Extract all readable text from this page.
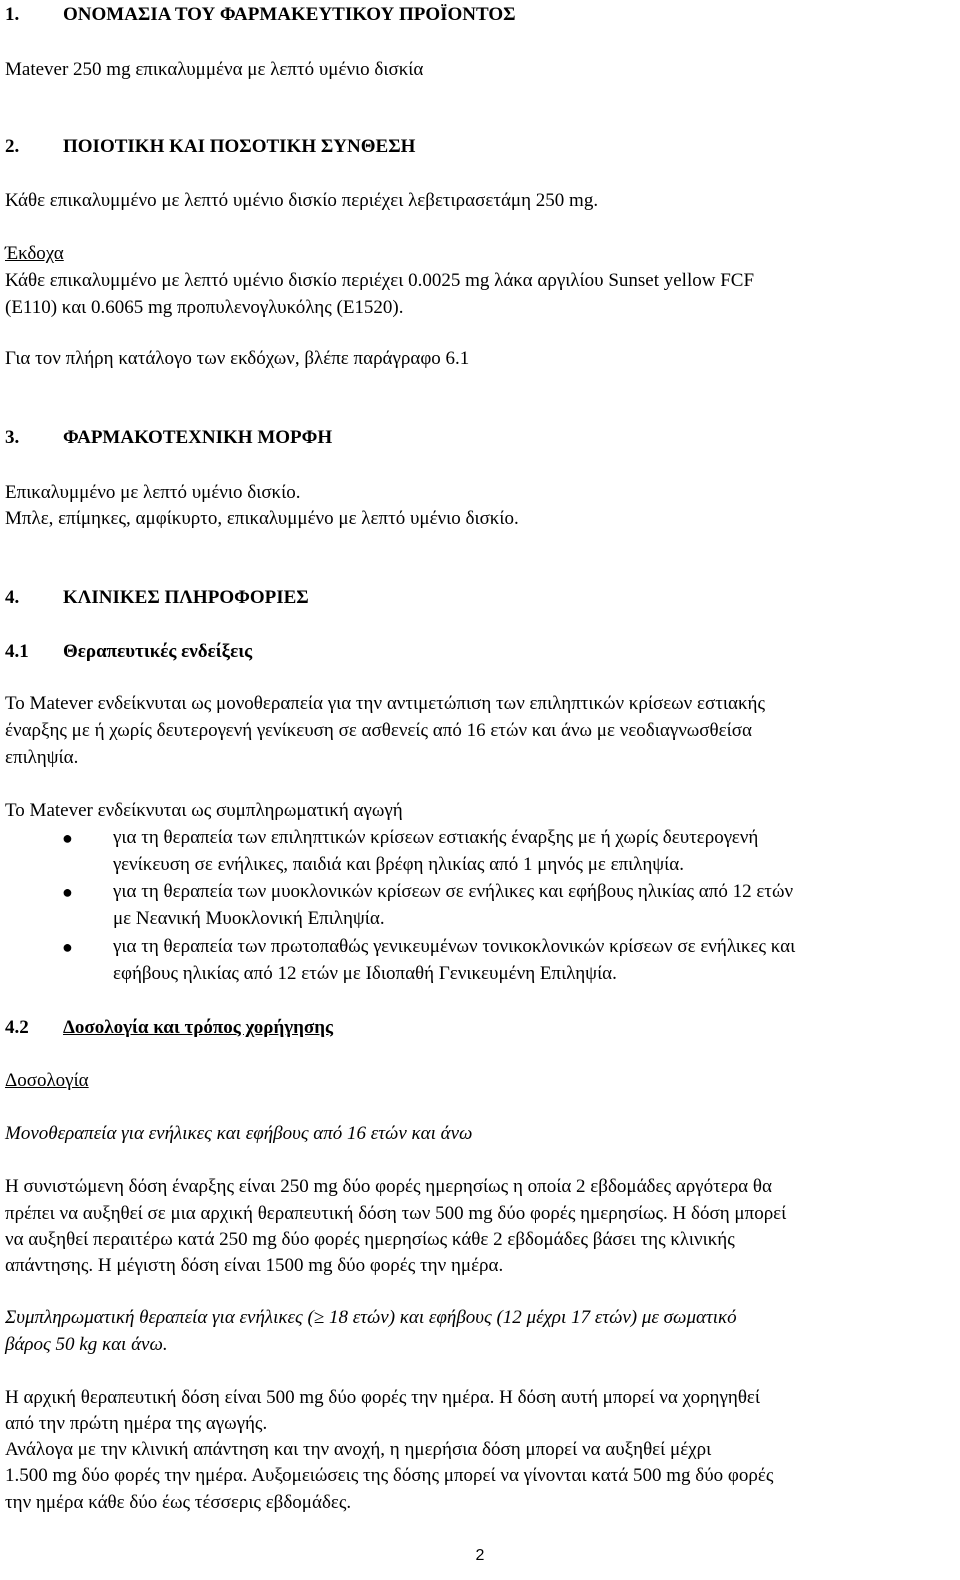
1. ΟΝΟΜΑΣΙΑ ΤΟΥ ΦΑΡΜΑΚΕΥΤΙΚΟΥ ΠΡΟΪΟΝΤΟΣ
Matever 250 mg επικαλυμμένα με λεπτό υμένιο δισκία
2. ΠΟΙΟΤΙΚΗ ΚΑΙ ΠΟΣΟΤΙΚΗ ΣΥΝΘΕΣΗ
Κάθε επικαλυμμένο με λεπτό υμένιο δισκίο περιέχει λεβετιρασετάμη 250 mg.
Έκδοχα
Κάθε επικαλυμμένο με λεπτό υμένιο δισκίο περιέχει 0.0025 mg λάκα αργιλίου Sunset yellow FCF
(E110) και 0.6065 mg προπυλενογλυκόλης (E1520).
Για τον πλήρη κατάλογο των εκδόχων, βλέπε παράγραφο 6.1
3. ΦΑΡΜΑΚΟΤΕΧΝΙΚΗ ΜΟΡΦΗ
Επικαλυμμένο με λεπτό υμένιο δισκίο.
Μπλε, επίμηκες, αμφίκυρτο, επικαλυμμένο με λεπτό υμένιο δισκίο.
4. ΚΛΙΝΙΚΕΣ ΠΛΗΡΟΦΟΡΙΕΣ
4.1 Θεραπευτικές ενδείξεις
Το Matever ενδείκνυται ως μονοθεραπεία για την αντιμετώπιση των επιληπτικών κρίσεων εστιακής
έναρξης με ή χωρίς δευτερογενή γενίκευση σε ασθενείς από 16 ετών και άνω με νεοδιαγνωσθείσα
επιληψία.
Το Matever ενδείκνυται ως συμπληρωματική αγωγή
● για τη θεραπεία των επιληπτικών κρίσεων εστιακής έναρξης με ή χωρίς δευτερογενή
γενίκευση σε ενήλικες, παιδιά και βρέφη ηλικίας από 1 μηνός με επιληψία.
● για τη θεραπεία των μυοκλονικών κρίσεων σε ενήλικες και εφήβους ηλικίας από 12 ετών
με Νεανική Μυοκλονική Επιληψία.
● για τη θεραπεία των πρωτοπαθώς γενικευμένων τονικοκλονικών κρίσεων σε ενήλικες και
εφήβους ηλικίας από 12 ετών με Ιδιοπαθή Γενικευμένη Επιληψία.
4.2 Δοσολογία και τρόπος χορήγησης
Δοσολογία
Μονοθεραπεία για ενήλικες και εφήβους από 16 ετών και άνω
Η συνιστώμενη δόση έναρξης είναι 250 mg δύο φορές ημερησίως η οποία 2 εβδομάδες αργότερα θα
πρέπει να αυξηθεί σε μια αρχική θεραπευτική δόση των 500 mg δύο φορές ημερησίως. Η δόση μπορεί
να αυξηθεί περαιτέρω κατά 250 mg δύο φορές ημερησίως κάθε 2 εβδομάδες βάσει της κλινικής
απάντησης. Η μέγιστη δόση είναι 1500 mg δύο φορές την ημέρα.
Συμπληρωματική θεραπεία για ενήλικες (≥ 18 ετών) και εφήβους (12 μέχρι 17 ετών) με σωματικό
βάρος 50 kg και άνω.
Η αρχική θεραπευτική δόση είναι 500 mg δύο φορές την ημέρα. Η δόση αυτή μπορεί να χορηγηθεί
από την πρώτη ημέρα της αγωγής.
Ανάλογα με την κλινική απάντηση και την ανοχή, η ημερήσια δόση μπορεί να αυξηθεί μέχρι
1.500 mg δύο φορές την ημέρα. Αυξομειώσεις της δόσης μπορεί να γίνονται κατά 500 mg δύο φορές
την ημέρα κάθε δύο έως τέσσερις εβδομάδες.
2
